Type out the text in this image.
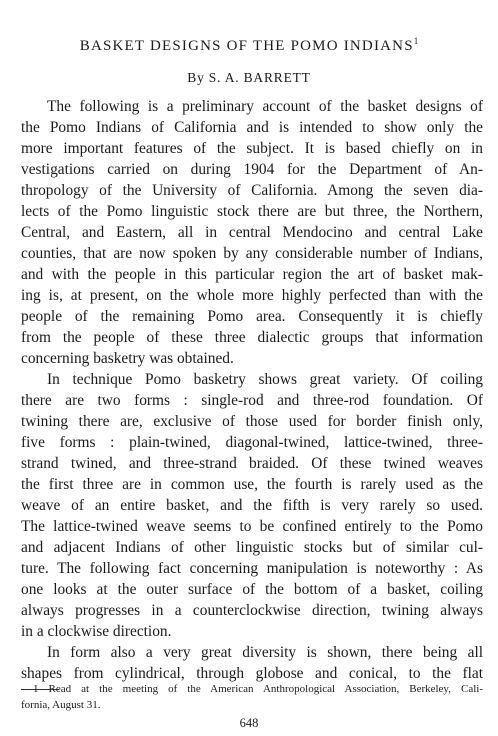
BASKET DESIGNS OF THE POMO INDIANS$^1$
By S. A. BARRETT
The following is a preliminary account of the basket designs of
the Pomo Indians of California and is intended to show only the
more important features of the subject. It is based chiefly on in
vestigations carried on during 1904 for the Department of An-
thropology of the University of California. Among the seven dia-
lects of the Pomo linguistic stock there are but three, the Northern,
Central, and Eastern, all in central Mendocino and central Lake
counties, that are now spoken by any considerable number of Indians,
and with the people in this particular region the art of basket mak-
ing is, at present, on the whole more highly perfected than with the
people of the remaining Pomo area. Consequently it is chiefly
from the people of these three dialectic groups that information
concerning basketry was obtained.
In technique Pomo basketry shows great variety. Of coiling
there are two forms : single-rod and three-rod foundation. Of
twining there are, exclusive of those used for border finish only,
five forms : plain-twined, diagonal-twined, lattice-twined, three-
strand twined, and three-strand braided. Of these twined weaves
the first three are in common use, the fourth is rarely used as the
weave of an entire basket, and the fifth is very rarely so used.
The lattice-twined weave seems to be confined entirely to the Pomo
and adjacent Indians of other linguistic stocks but of similar cul-
ture. The following fact concerning manipulation is noteworthy : As
one looks at the outer surface of the bottom of a basket, coiling
always progresses in a counterclockwise direction, twining always
in a clockwise direction.
In form also a very great diversity is shown, there being all
shapes from cylindrical, through globose and conical, to the flat
1 Read at the meeting of the American Anthropological Association, Berkeley, Cali-
fornia, August 31.
648
